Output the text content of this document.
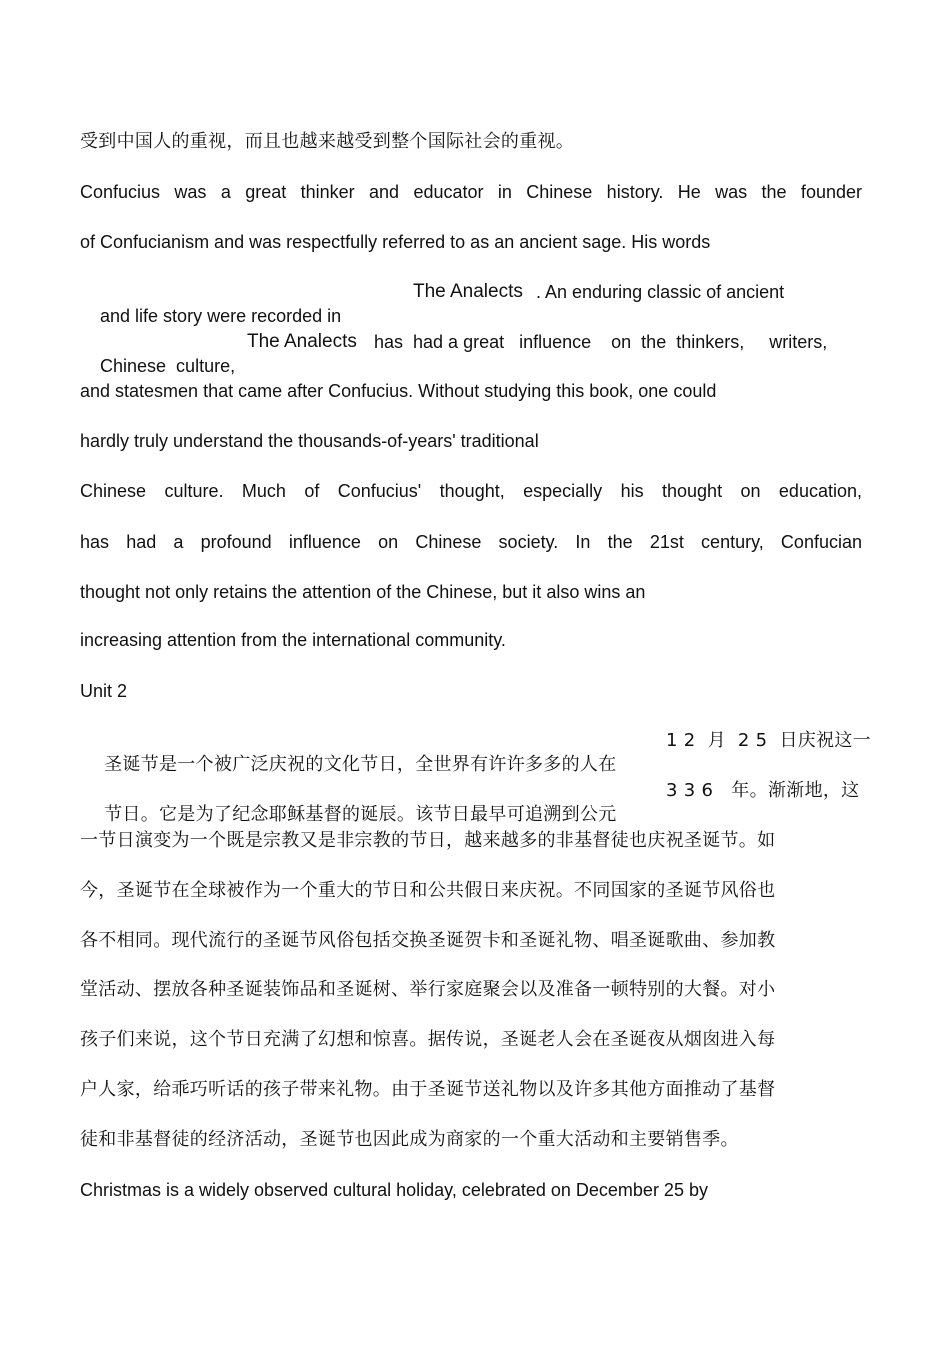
受到中国人的重视，而且也越来越受到整个国际社会的重视。
Confucius was a great thinker and educator in Chinese history. He was the founder
of Confucianism and was respectfully referred to as an ancient sage. His words

and life story were recorded in

The Analects

. An enduring classic of ancient

Chinese  culture,

The Analects

has  had a great   influence    on  the  thinkers,     writers,

and statesmen that came after Confucius. Without studying this book, one could
hardly truly understand the thousands-of-years' traditional
Chinese culture. Much of Confucius' thought, especially his thought on education,
has had a profound influence on Chinese society. In the 21st century, Confucian
thought not only retains the attention of the Chinese, but it also wins an
increasing attention from the international community.
Unit 2

圣诞节是一个被广泛庆祝的文化节日，全世界有许许多多的人在

1 2  月  2 5  日庆祝这一

节日。它是为了纪念耶稣基督的诞辰。该节日最早可追溯到公元

3 3 6   年。渐渐地，这

一节日演变为一个既是宗教又是非宗教的节日，越来越多的非基督徒也庆祝圣诞节。如
今，圣诞节在全球被作为一个重大的节日和公共假日来庆祝。不同国家的圣诞节风俗也
各不相同。现代流行的圣诞节风俗包括交换圣诞贺卡和圣诞礼物、唱圣诞歌曲、参加教
堂活动、摆放各种圣诞装饰品和圣诞树、举行家庭聚会以及准备一顿特别的大餐。对小
孩子们来说，这个节日充满了幻想和惊喜。据传说，圣诞老人会在圣诞夜从烟囱进入每
户人家，给乖巧听话的孩子带来礼物。由于圣诞节送礼物以及许多其他方面推动了基督
徒和非基督徒的经济活动，圣诞节也因此成为商家的一个重大活动和主要销售季。
Christmas is a widely observed cultural holiday, celebrated on December 25 by
